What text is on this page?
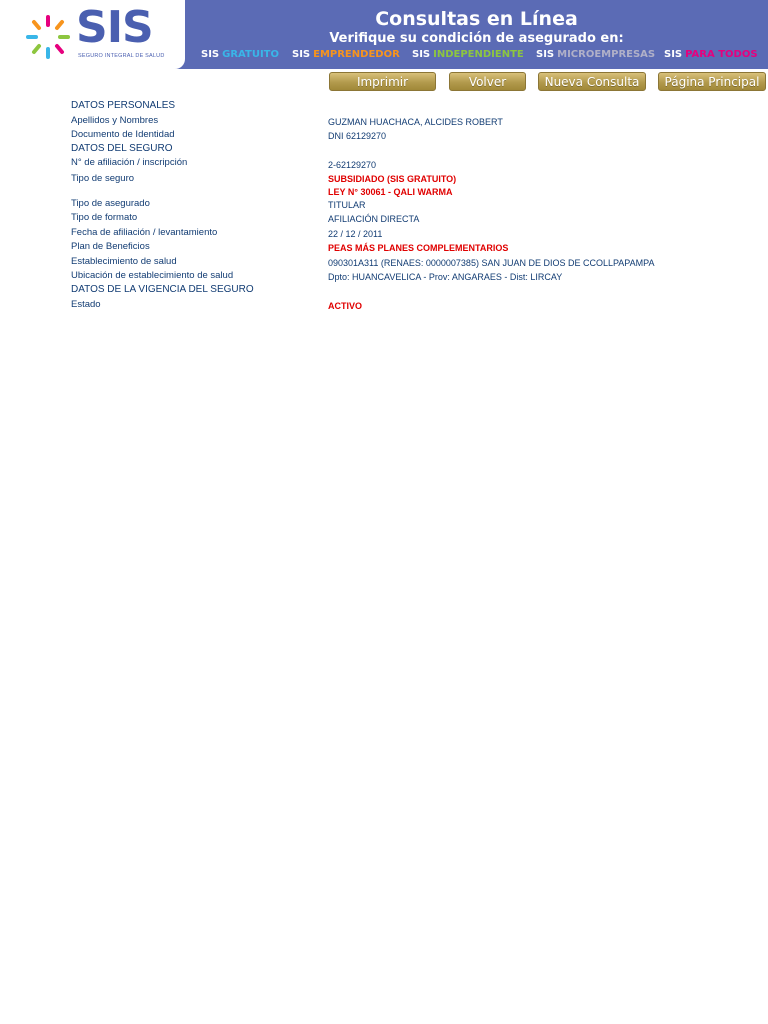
SIS
SEGURO INTEGRAL DE SALUD
Consultas en Línea
Verifique su condición de asegurado en:
SIS GRATUITO SIS EMPRENDEDOR SIS INDEPENDIENTE SIS MICROEMPRESAS SIS PARA TODOS
Imprimir	Volver	Nueva Consulta	Página Principal
DATOS PERSONALES
Apellidos y Nombres	GUZMAN HUACHACA, ALCIDES ROBERT
Documento de Identidad	DNI 62129270
DATOS DEL SEGURO
N° de afiliación / inscripción	2-62129270
Tipo de seguro	SUBSIDIADO (SIS GRATUITO)
LEY N° 30061 - QALI WARMA
Tipo de asegurado	TITULAR
Tipo de formato	AFILIACIÓN DIRECTA
Fecha de afiliación / levantamiento	22 / 12 / 2011
Plan de Beneficios	PEAS MÁS PLANES COMPLEMENTARIOS
Establecimiento de salud	090301A311 (RENAES: 0000007385) SAN JUAN DE DIOS DE CCOLLPAPAMPA
Ubicación de establecimiento de salud	Dpto: HUANCAVELICA - Prov: ANGARAES - Dist: LIRCAY
DATOS DE LA VIGENCIA DEL SEGURO
Estado	ACTIVO
